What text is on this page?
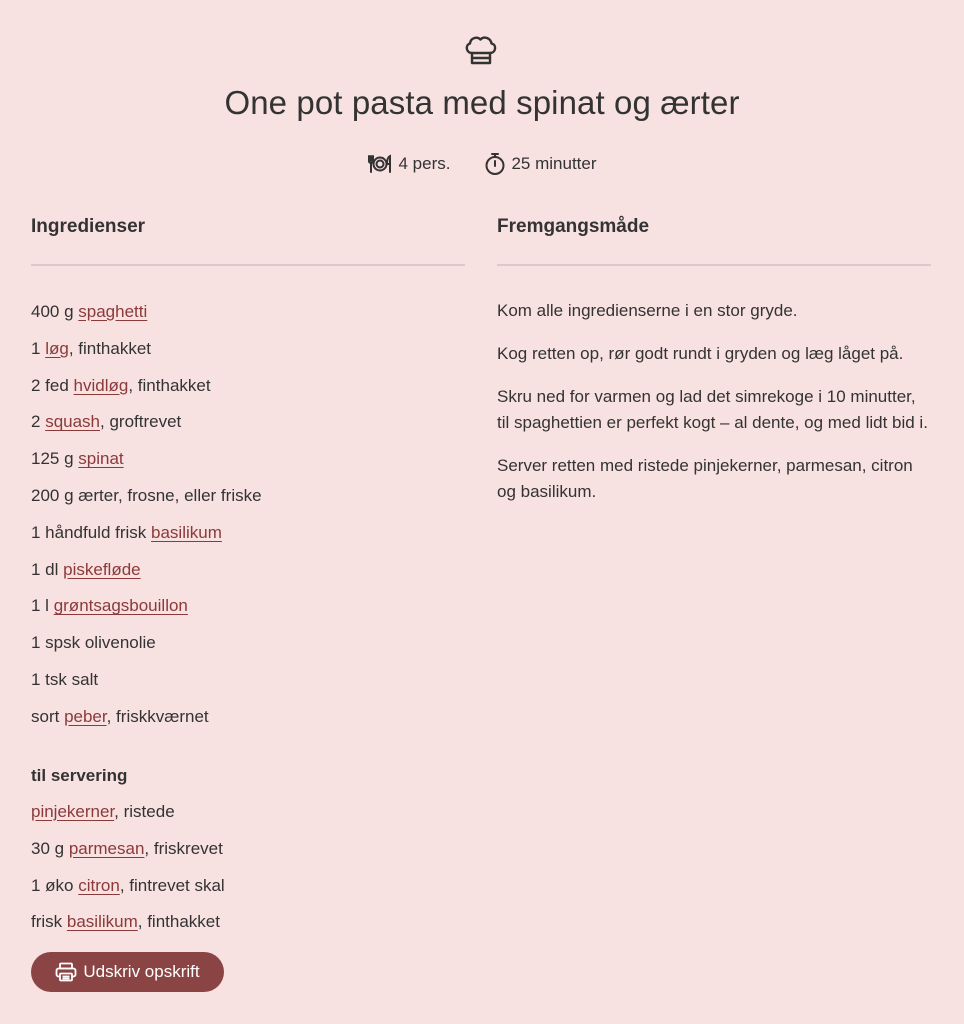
One pot pasta med spinat og ærter
4 pers.	25 minutter
Ingredienser
400 g spaghetti
1 løg, finthakket
2 fed hvidløg, finthakket
2 squash, groftrevet
125 g spinat
200 g ærter, frosne, eller friske
1 håndfuld frisk basilikum
1 dl piskefløde
1 l grøntsagsbouillon
1 spsk olivenolie
1 tsk salt
sort peber, friskkværnet
til servering
pinjekerner, ristede
30 g parmesan, friskrevet
1 øko citron, fintrevet skal
frisk basilikum, finthakket
Udskriv opskrift
Fremgangsmåde

Kom alle ingredienserne i en stor gryde.

Kog retten op, rør godt rundt i gryden og læg låget på.

Skru ned for varmen og lad det simrekoge i 10 minutter, til spaghettien er perfekt kogt – al dente, og med lidt bid i.

Server retten med ristede pinjekerner, parmesan, citron og basilikum.
